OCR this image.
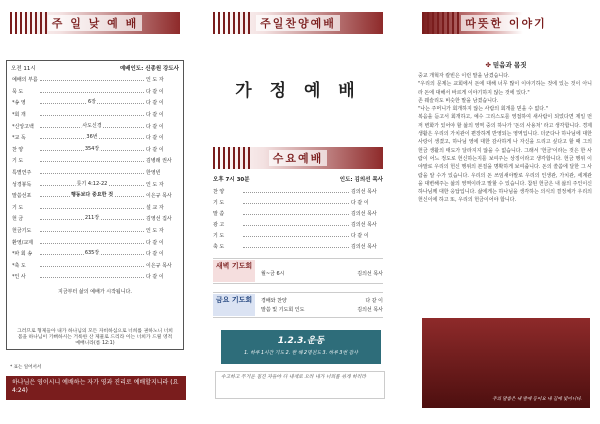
주 일 낮 예 배
오전 11시	예배인도: 신종원 강도사
예배의 부름	인 도 자
묵 도	다 같 이
*송 영	6장	다 같 이
*회 개	다 같 이
*신앙고백	사도신경	다 같 이
*교 독	36번	다 같 이
찬 양	354장	다 같 이
기 도	김병래 권사
특별연주	한영빈
성경봉독	룻기 4:12-22	인 도 자
말씀선포	행동보다 중요한 것	이은규 목사
기 도	설 교 자
헌 금	211장	김영선 집사
헌금기도	인 도 자
환영/교제	다 같 이
*파 회 송	635장	다 같 이
*축 도	이은규 목사
*인 사	다 같 이
지금부터 삶의 예배가 시작됩니다.
그러므로 형제들아 내가 하나님의 모든 자비하심으로 너희를 권하노니 너희 몸을 하나님이 기뻐하시는 거룩한 산 제물로 드리라 이는 너희가 드릴 영적 예배니라(롬 12:1)
* 표는 일어서서
하나님은 영이시니 예배하는 자가 영과 진리로 예배할지니라 (요4:24)
주일찬양예배
가 정 예 배
수요예배
오후 7시 30분	인도: 김의선 목사
찬 양	김의선 목사
기 도	다 같 이
말 씀	김의선 목사
광 고	김의선 목사
기 도	다 같 이
축 도	김의선 목사
새벽 기도회
월~금 6시	김의선 목사
금요 기도회	경배와 찬양	다 같 이
말씀 및 기도회 인도	김의선 목사
1.2.3.운동
1. 하루 1시간 기도 2. 한 해 2명전도 3. 하루 3번 감사
수고하고 무거운 짐진 자들아 다 내게로 오라 내가 너희를 쉬게 하리라
따뜻한 이야기
✤ 믿음과 몸짓

중교 개혁자 칼빈은 이런 말을 남겼습니다.

"우리의 문제는 교회에서 돈에 대해 너무 많이 이야기하는 것에 있는 것이 아니라 돈에 대해서 바르게 이야기하지 않는 것에 있다."

존 웨슬리도 비슷한 말을 남겼습니다.

"나는 주머니가 회개하지 않는 사람의 회개를 믿을 수 없다."

복음을 듣고서 회개하고, 예수 그리스도를 영접하여 새사람이 되었다면 제일 먼저 변화가 있어야 할 삶의 영역 중의 하나가 '돈의 사용처' 라고 생각합니다. 경제생활은 우리의 가치관이 편장하게 반영되는 영역입니다. 더군다나 하나님에 대한 사랑이 생겼고, 하나님 영에 대한 감사하게 나 자신을 드리고 싶다고 할 때 그의 헌금 생활의 태도가 달라지지 않을 수 없습니다. 그래서 '헌금'이라는 것은 한 사람이 어느 정도로 헌신하는지를 보여주는 상징이라고 생각합니다. 헌금 행위 이야말로 우리의 헌신 행위의 본질을 명확하게 보여줍니다. 돈의 쓸씀에 달한 그 사람을 알 수가 있습니다. 우리의 돈 쓰임새야말로 우리의 인생관, 가치관, 세계관을 대변해주는 삶의 영역이라고 말할 수 있습니다. 참된 헌금은 내 삶의 주인이신 하나님께 대한 응답입니다. 삶에게는 하나님을 생각하는 의식의 결정체가 우리의 헌신이에 하고 또, 우리의 헌금이어야 합니다.

주의 말씀은 내 발에 등이요 내 길에 빛이니다.
